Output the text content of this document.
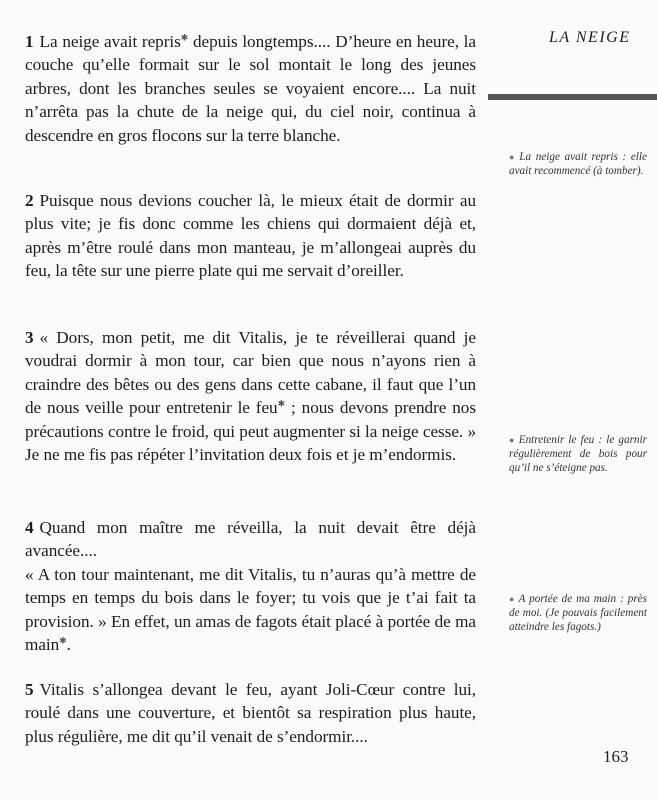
LA NEIGE
1 La neige avait repris✱ depuis longtemps.... D’heure en heure, la couche qu’elle formait sur le sol montait le long des jeunes arbres, dont les branches seules se voyaient encore.... La nuit n’arrêta pas la chute de la neige qui, du ciel noir, continua à descendre en gros flocons sur la terre blanche.
2 Puisque nous devions coucher là, le mieux était de dormir au plus vite; je fis donc comme les chiens qui dormaient déjà et, après m’être roulé dans mon manteau, je m’allongeai auprès du feu, la tête sur une pierre plate qui me servait d’oreiller.
3 « Dors, mon petit, me dit Vitalis, je te réveillerai quand je voudrai dormir à mon tour, car bien que nous n’ayons rien à craindre des bêtes ou des gens dans cette cabane, il faut que l’un de nous veille pour entretenir le feu✱ ; nous devons prendre nos précautions contre le froid, qui peut augmenter si la neige cesse. » Je ne me fis pas répéter l’invitation deux fois et je m’endormis.
4 Quand mon maître me réveilla, la nuit devait être déjà avancée....
« A ton tour maintenant, me dit Vitalis, tu n’auras qu’à mettre de temps en temps du bois dans le foyer; tu vois que je t’ai fait ta provision. » En effet, un amas de fagots était placé à portée de ma main✱.
5 Vitalis s’allongea devant le feu, ayant Joli-Cœur contre lui, roulé dans une couverture, et bientôt sa respiration plus haute, plus régulière, me dit qu’il venait de s’endormir....
● La neige avait repris : elle avait recommencé (à tomber).
● Entretenir le feu : le garnir régulièrement de bois pour qu’il ne s’éteigne pas.
● A portée de ma main : près de moi. (Je pouvais facilement atteindre les fagots.)
163
